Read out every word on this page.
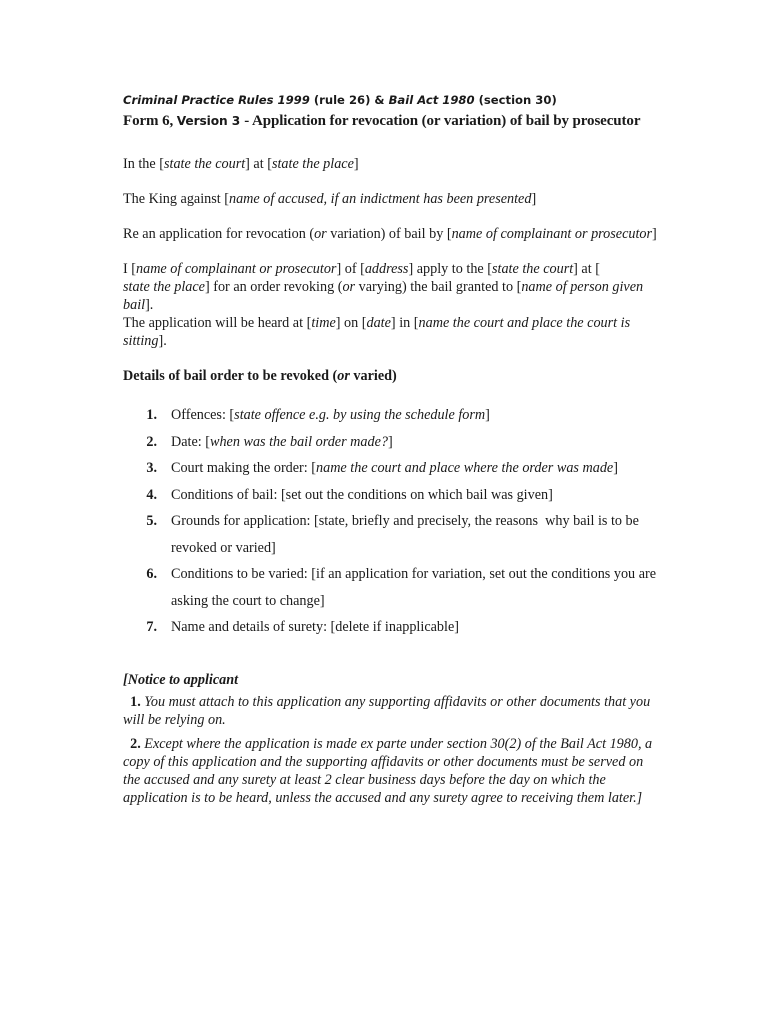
Criminal Practice Rules 1999 (rule 26) & Bail Act 1980 (section 30)

Form 6, Version 3 - Application for revocation (or variation) of bail by prosecutor

In the [state the court] at [state the place]

The King against [name of accused, if an indictment has been presented]

Re an application for revocation (or variation) of bail by [name of complainant or prosecutor]

I [name of complainant or prosecutor] of [address] apply to the [state the court] at [
state the place] for an order revoking (or varying) the bail granted to [name of person given bail].

The application will be heard at [time] on [date] in [name the court and place the court is sitting].

Details of bail order to be revoked (or varied)

1. Offences: [state offence e.g. by using the schedule form]
2. Date: [when was the bail order made?]
3. Court making the order: [name the court and place where the order was made]
4. Conditions of bail: [set out the conditions on which bail was given]
5. Grounds for application: [state, briefly and precisely, the reasons  why bail is to be        revoked or varied]
6. Conditions to be varied: [if an application for variation, set out the conditions you are     asking the court to change]
7. Name and details of surety: [delete if inapplicable]

[Notice to applicant

1. You must attach to this application any supporting affidavits or other documents that you will be relying on.

2. Except where the application is made ex parte under section 30(2) of the Bail Act 1980, a copy of this application and the supporting affidavits or other documents must be served on the accused and any surety at least 2 clear business days before the day on which the application is to be heard, unless the accused and any surety agree to receiving them later.]
